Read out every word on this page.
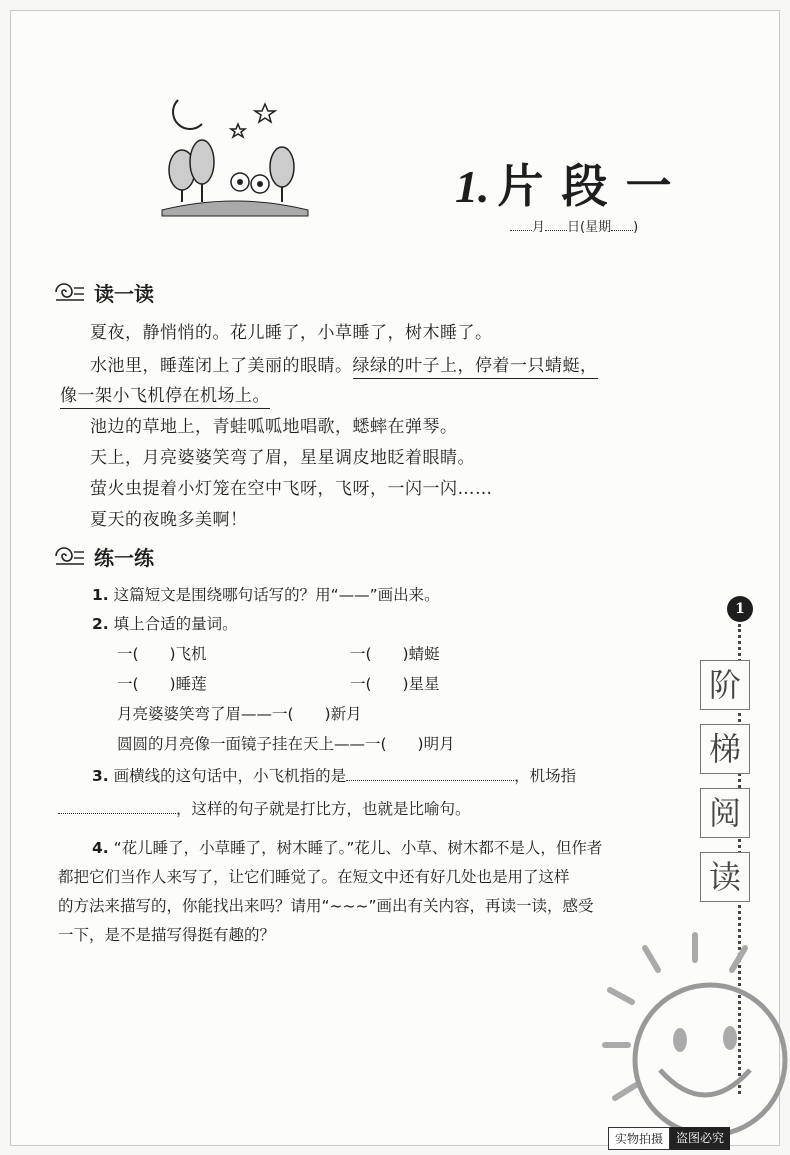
1. 片段一
月 日(星期 )
读一读

夏夜，静悄悄的。花儿睡了，小草睡了，树木睡了。

水池里，睡莲闭上了美丽的眼睛。绿绿的叶子上，停着一只蜻蜓，

像一架小飞机停在机场上。

池边的草地上，青蛙呱呱地唱歌，蟋蟀在弹琴。

天上，月亮婆婆笑弯了眉，星星调皮地眨着眼睛。

萤火虫提着小灯笼在空中飞呀，飞呀，一闪一闪……

夏天的夜晚多美啊！

练一练

1. 这篇短文是围绕哪句话写的？用“——”画出来。

2. 填上合适的量词。

一(　　)飞机	一(　　)蜻蜓

一(　　)睡莲	一(　　)星星

月亮婆婆笑弯了眉——一(　　)新月

圆圆的月亮像一面镜子挂在天上——一(　　)明月

3. 画横线的这句话中，小飞机指的是	，机场指

，这样的句子就是打比方，也就是比喻句。

4. “花儿睡了，小草睡了，树木睡了。”花儿、小草、树木都不是人，但作者

都把它们当作人来写了，让它们睡觉了。在短文中还有好几处也是用了这样

的方法来描写的，你能找出来吗？请用“~~~”画出有关内容，再读一读，感受

一下，是不是描写得挺有趣的？

1
阶
梯
阅
读
实物拍摄	盗图必究
